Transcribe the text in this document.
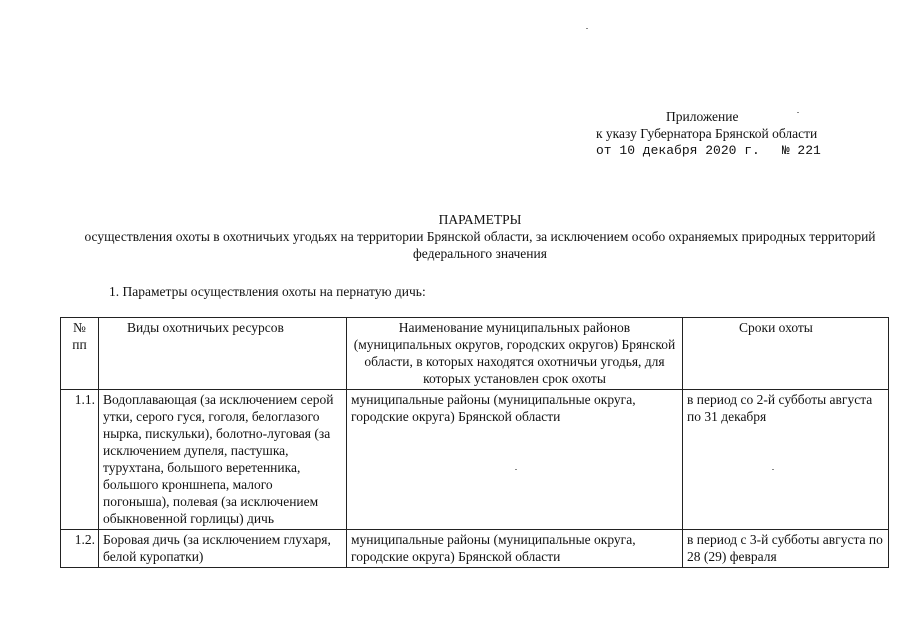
Приложение
к указу Губернатора Брянской области
от 10 декабря 2020 г. № 221
ПАРАМЕТРЫ
осуществления охоты в охотничьих угодьях на территории Брянской области, за исключением особо охраняемых природных территорий федерального значения
1. Параметры осуществления охоты на пернатую дичь:
№ пп	Виды охотничьих ресурсов	Наименование муниципальных районов (муниципальных округов, городских округов) Брянской области, в которых находятся охотничьи угодья, для которых установлен срок охоты	Сроки охоты
1.1.	Водоплавающая (за исключением серой утки, серого гуся, гоголя, белоглазого нырка, пискульки), болотно-луговая (за исключением дупеля, пастушка, турухтана, большого веретенника, большого кроншнепа, малого погоныша), полевая (за исключением обыкновенной горлицы) дичь	муниципальные районы (муниципальные округа, городские округа) Брянской области	в период со 2-й субботы августа по 31 декабря
1.2.	Боровая дичь (за исключением глухаря, белой куропатки)	муниципальные районы (муниципальные округа, городские округа) Брянской области	в период с 3-й субботы августа по 28 (29) февраля
